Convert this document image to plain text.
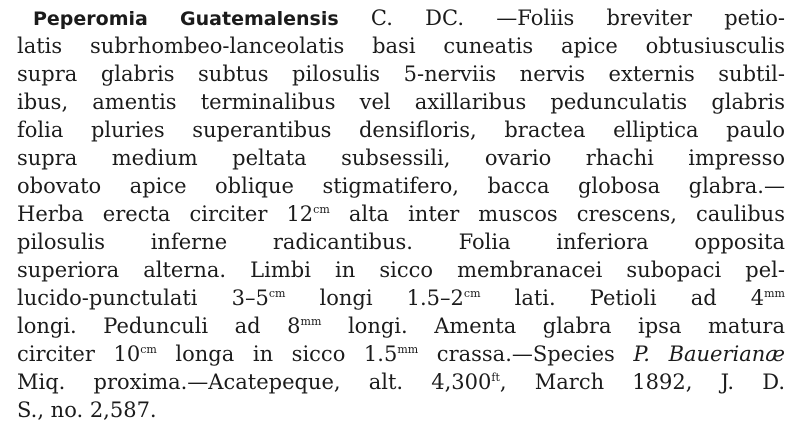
Peperomia Guatemalensis C. DC. —Foliis breviter petio-
latis subrhombeo-lanceolatis basi cuneatis apice obtusiusculis
supra glabris subtus pilosulis 5-nerviis nervis externis subtil-
ibus, amentis terminalibus vel axillaribus pedunculatis glabris
folia pluries superantibus densifloris, bractea elliptica paulo
supra medium peltata subsessili, ovario rhachi impresso
obovato apice oblique stigmatifero, bacca globosa glabra.—
Herba erecta circiter $12^{cm}$ alta inter muscos crescens, caulibus
pilosulis inferne radicantibus. Folia inferiora opposita
superiora alterna. Limbi in sicco membranacei subopaci pel-
lucido-punctulati $3-5^{cm}$ longi $1.5-2^{cm}$ lati. Petioli ad $4^{mm}$
longi. Pedunculi ad $8^{mm}$ longi. Amenta glabra ipsa matura
circiter $10^{cm}$ longa in sicco $1.5^{mm}$ crassa.—Species P. Bauerianæ
Miq. proxima.—Acatepeque, alt. $4,300^{ft}$, March 1892, J. D.
S., no. 2,587.
